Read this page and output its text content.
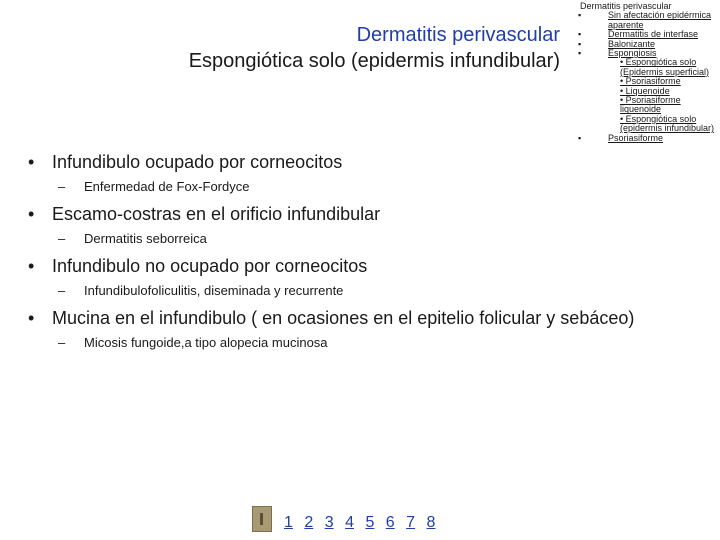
Dermatitis perivascular
Espongiótica solo (epidermis infundibular)
Dermatitis perivascular
▪	Sin afectación epidérmica aparente
▪	Dermatitis de interfase
▪	Balonizante
▪	Espongiosis
• Espongiótica solo (Epidermis superficial)
• Psoriasiforme
• Liquenoide
• Psoriasiforme liquenoide
• Espongiótica solo (epidermis infundibular)
▪	Psoriasiforme
• Infundibulo ocupado por corneocitos
– Enfermedad de Fox-Fordyce
• Escamo-costras en el orificio infundibular
– Dermatitis seborreica
• Infundibulo no ocupado por corneocitos
– Infundibulofoliculitis, diseminada y recurrente
• Mucina en el infundibulo ( en ocasiones en el epitelio folicular y sebáceo)
– Micosis fungoide,a tipo alopecia mucinosa
1 2 3 4 5 6 7 8
